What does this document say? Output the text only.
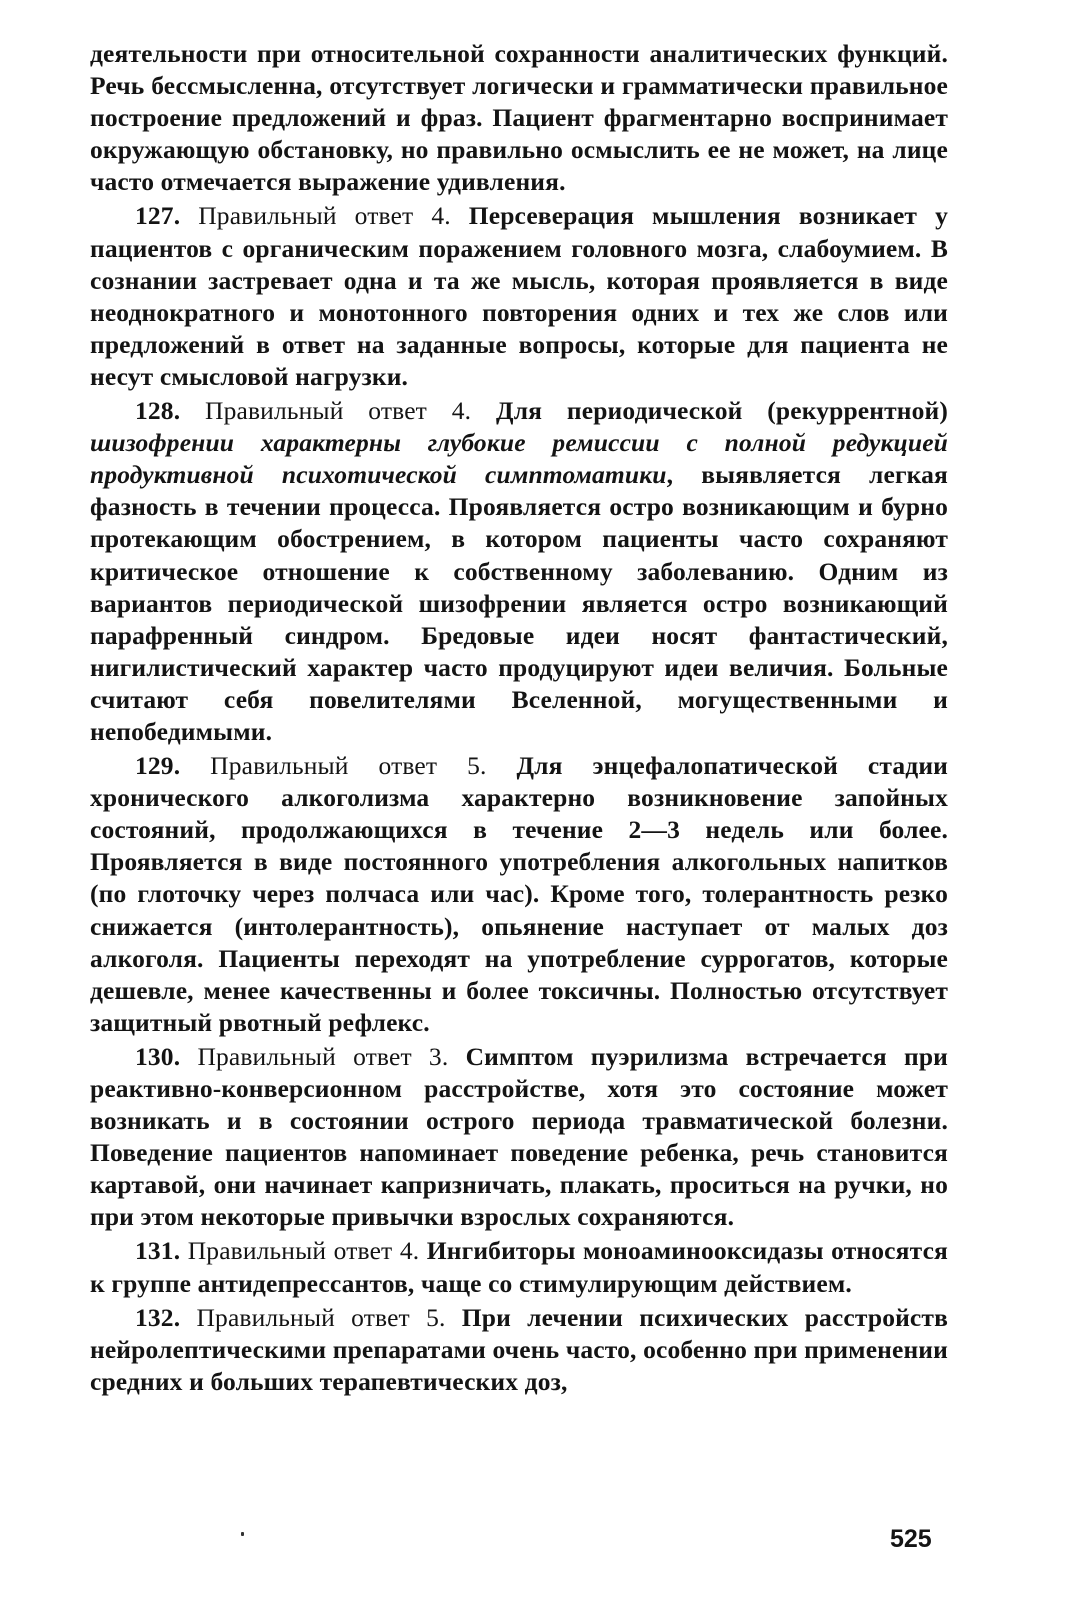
деятельности при относительной сохранности аналитических функций. Речь бессмысленна, отсутствует логически и грамматически правильное построение предложений и фраз. Пациент фрагментарно воспринимает окружающую обстановку, но правильно осмыслить ее не может, на лице часто отмечается выражение удивления.

127. Правильный ответ 4. Персеверация мышления возникает у пациентов с органическим поражением головного мозга, слабоумием. В сознании застревает одна и та же мысль, которая проявляется в виде неоднократного и монотонного повторения одних и тех же слов или предложений в ответ на заданные вопросы, которые для пациента не несут смысловой нагрузки.

128. Правильный ответ 4. Для периодической (рекуррентной) шизофрении характерны глубокие ремиссии с полной редукцией продуктивной психотической симптоматики, выявляется легкая фазность в течении процесса. Проявляется остро возникающим и бурно протекающим обострением, в котором пациенты часто сохраняют критическое отношение к собственному заболеванию. Одним из вариантов периодической шизофрении является остро возникающий парафренный синдром. Бредовые идеи носят фантастический, нигилистический характер часто продуцируют идеи величия. Больные считают себя повелителями Вселенной, могущественными и непобедимыми.

129. Правильный ответ 5. Для энцефалопатической стадии хронического алкоголизма характерно возникновение запойных состояний, продолжающихся в течение 2—3 недель или более. Проявляется в виде постоянного употребления алкогольных напитков (по глоточку через полчаса или час). Кроме того, толерантность резко снижается (интолерантность), опьянение наступает от малых доз алкоголя. Пациенты переходят на употребление суррогатов, которые дешевле, менее качественны и более токсичны. Полностью отсутствует защитный рвотный рефлекс.

130. Правильный ответ 3. Симптом пуэрилизма встречается при реактивно-конверсионном расстройстве, хотя это состояние может возникать и в состоянии острого периода травматической болезни. Поведение пациентов напоминает поведение ребенка, речь становится картавой, они начинает капризничать, плакать, проситься на ручки, но при этом некоторые привычки взрослых сохраняются.

131. Правильный ответ 4. Ингибиторы моноаминооксидазы относятся к группе антидепрессантов, чаще со стимулирующим действием.

132. Правильный ответ 5. При лечении психических расстройств нейролептическими препаратами очень часто, особенно при применении средних и больших терапевтических доз,

525
